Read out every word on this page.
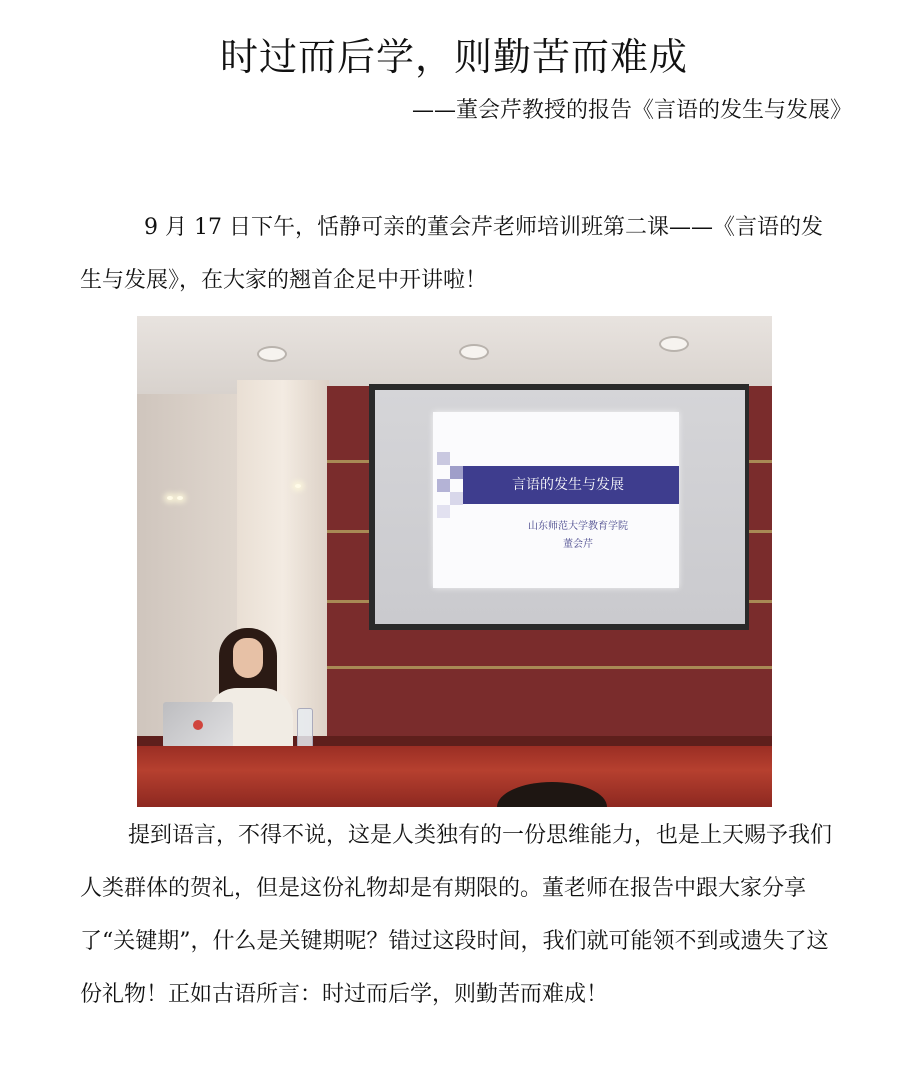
时过而后学，则勤苦而难成
——董会芹教授的报告《言语的发生与发展》

9 月 17 日下午，恬静可亲的董会芹老师培训班第二课——《言语的发生与发展》，在大家的翘首企足中开讲啦！

言语的发生与发展
山东师范大学教育学院
董会芹

提到语言，不得不说，这是人类独有的一份思维能力，也是上天赐予我们人类群体的贺礼，但是这份礼物却是有期限的。董老师在报告中跟大家分享了“关键期”，什么是关键期呢？错过这段时间，我们就可能领不到或遗失了这份礼物！正如古语所言：时过而后学，则勤苦而难成！
